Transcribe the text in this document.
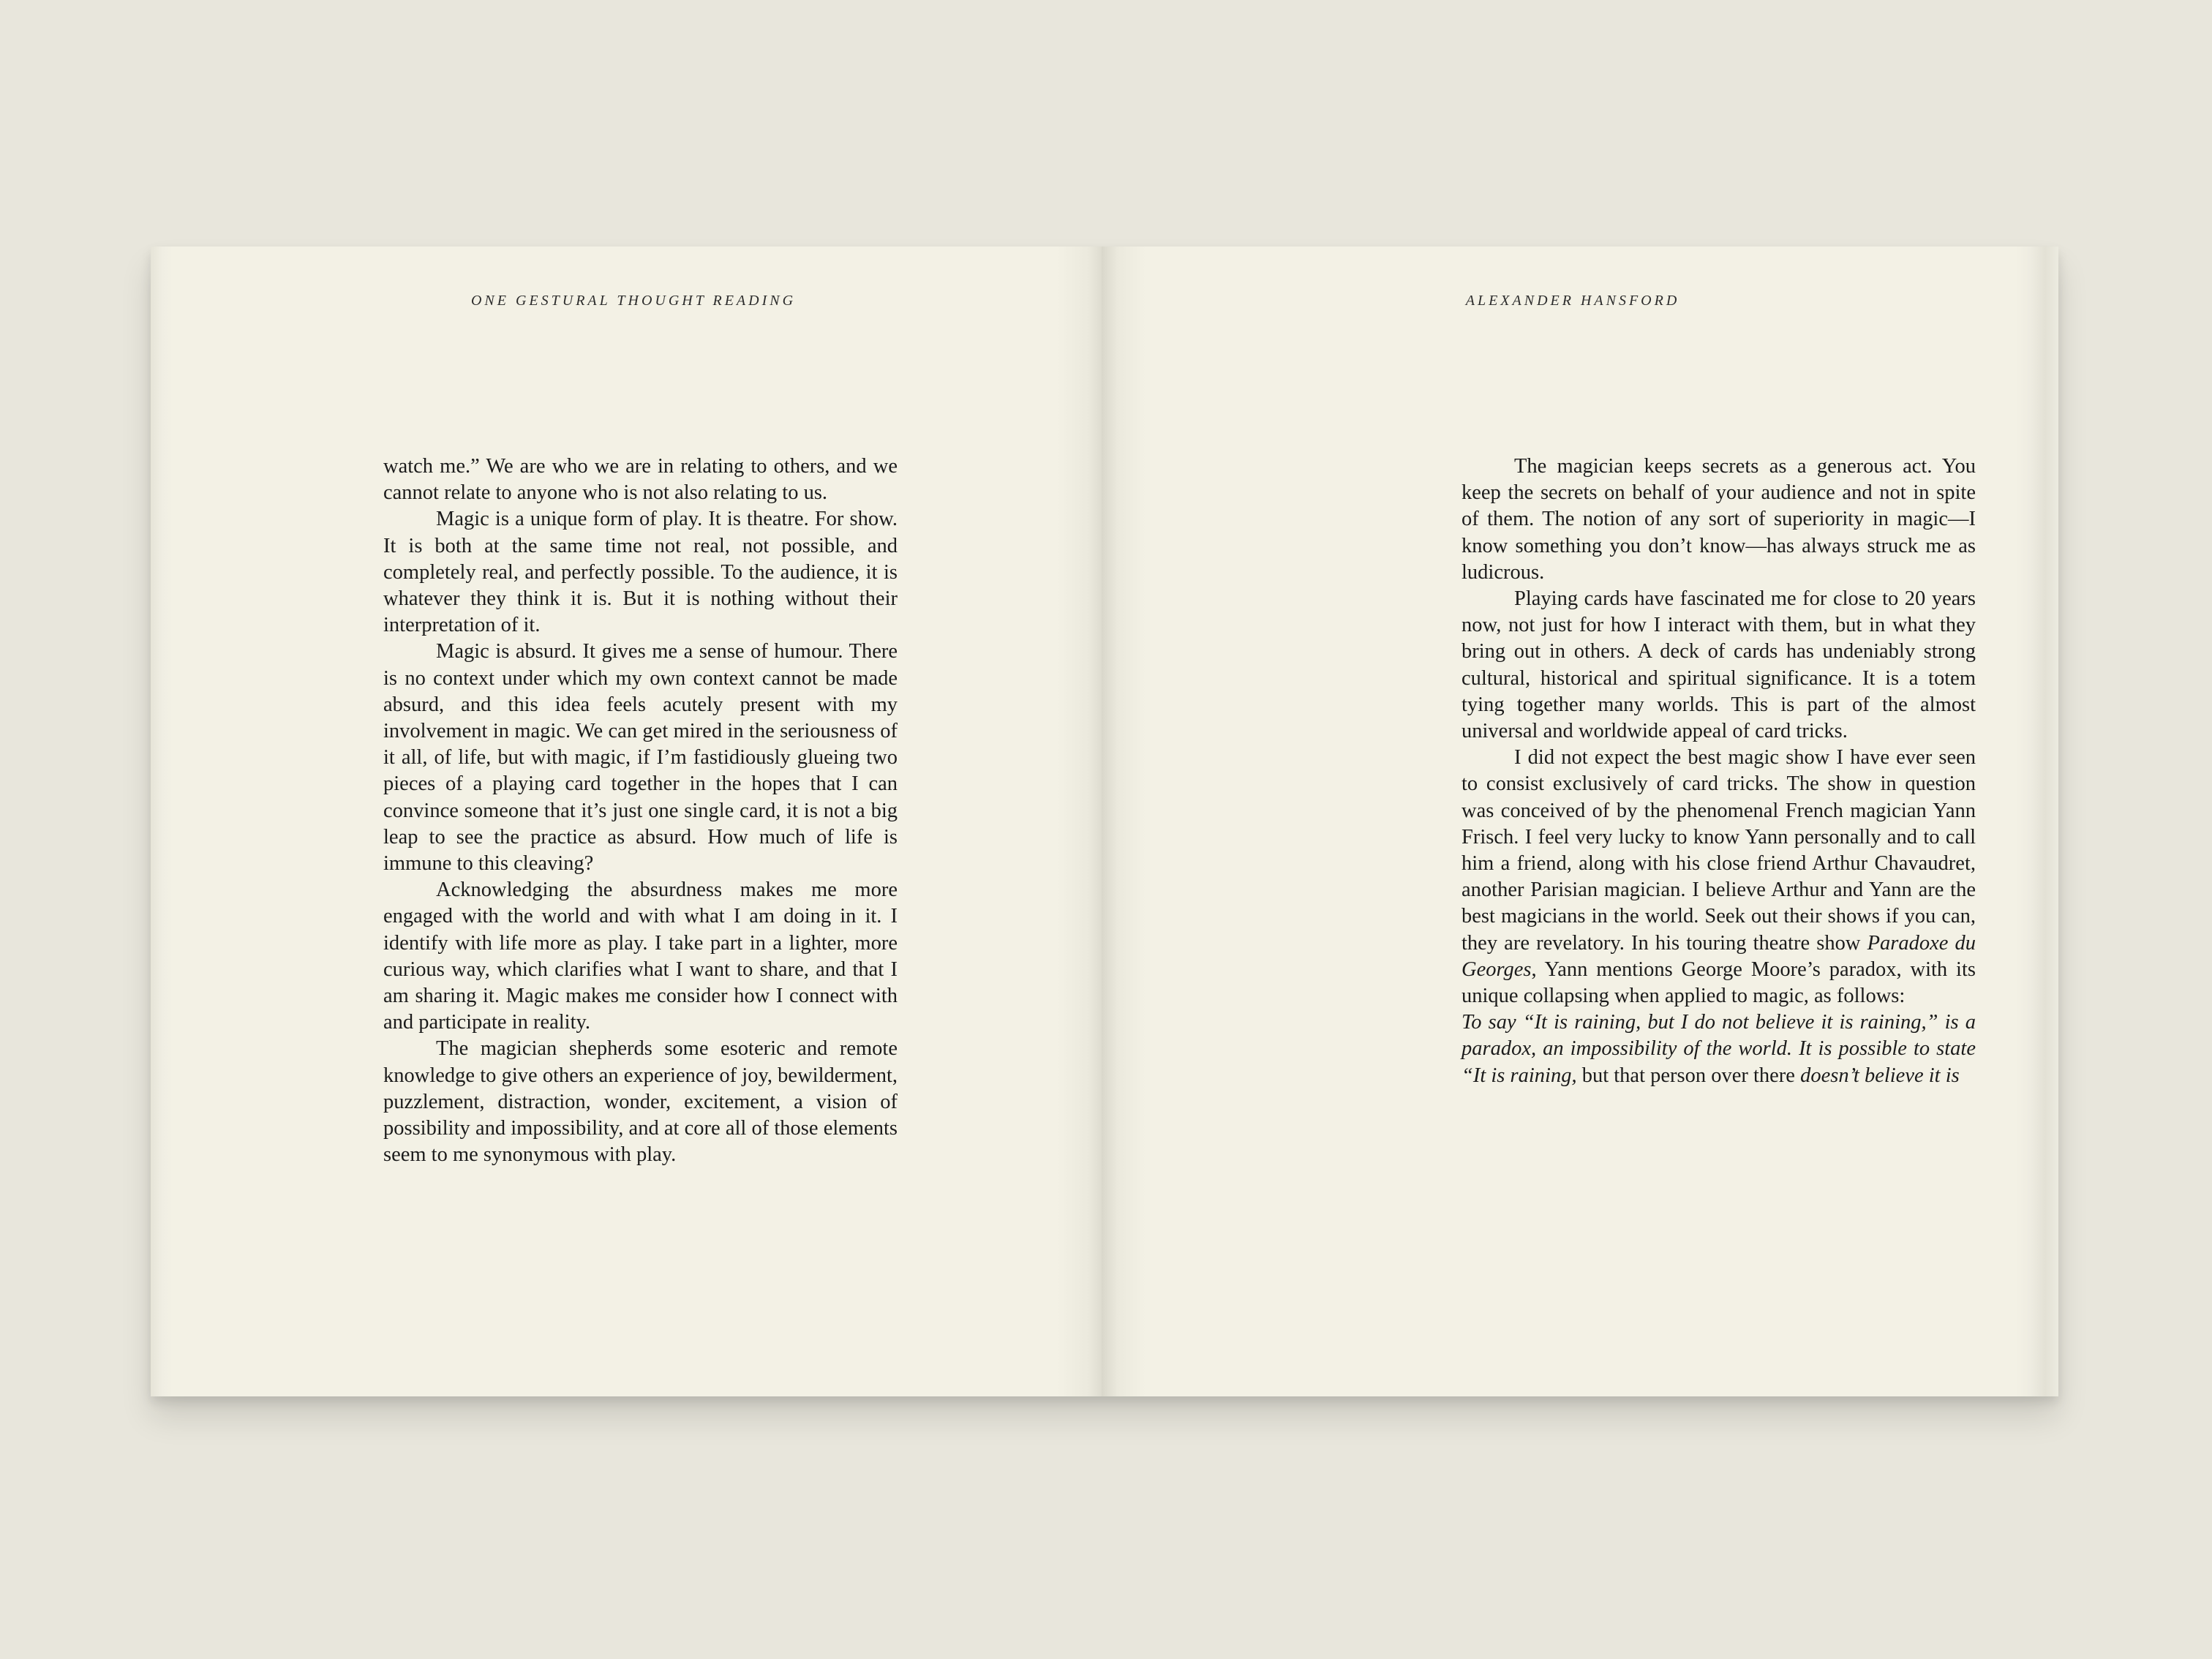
ONE GESTURAL THOUGHT READING

watch me.” We are who we are in relating to others, and we cannot relate to anyone who is not also relating to us.

Magic is a unique form of play. It is theatre. For show. It is both at the same time not real, not possible, and completely real, and perfectly possible. To the audience, it is whatever they think it is. But it is nothing without their interpretation of it.

Magic is absurd. It gives me a sense of humour. There is no context under which my own context cannot be made absurd, and this idea feels acutely present with my involvement in magic. We can get mired in the seriousness of it all, of life, but with magic, if I’m fastidiously glueing two pieces of a playing card together in the hopes that I can convince someone that it’s just one single card, it is not a big leap to see the practice as absurd. How much of life is immune to this cleaving?

Acknowledging the absurdness makes me more engaged with the world and with what I am doing in it. I identify with life more as play. I take part in a lighter, more curious way, which clarifies what I want to share, and that I am sharing it. Magic makes me consider how I connect with and participate in reality.

The magician shepherds some esoteric and remote knowledge to give others an experience of joy, bewilderment, puzzlement, distraction, wonder, excitement, a vision of possibility and impossibility, and at core all of those elements seem to me synonymous with play.

ALEXANDER HANSFORD

The magician keeps secrets as a generous act. You keep the secrets on behalf of your audience and not in spite of them. The notion of any sort of superiority in magic—I know something you don’t know—has always struck me as ludicrous.

Playing cards have fascinated me for close to 20 years now, not just for how I interact with them, but in what they bring out in others. A deck of cards has undeniably strong cultural, historical and spiritual significance. It is a totem tying together many worlds. This is part of the almost universal and worldwide appeal of card tricks.

I did not expect the best magic show I have ever seen to consist exclusively of card tricks. The show in question was conceived of by the phenomenal French magician Yann Frisch. I feel very lucky to know Yann personally and to call him a friend, along with his close friend Arthur Chavaudret, another Parisian magician. I believe Arthur and Yann are the best magicians in the world. Seek out their shows if you can, they are revelatory. In his touring theatre show Paradoxe du Georges, Yann mentions George Moore’s paradox, with its unique collapsing when applied to magic, as follows:

To say “It is raining, but I do not believe it is raining,” is a paradox, an impossibility of the world. It is possible to state “It is raining, but that person over there doesn’t believe it is
